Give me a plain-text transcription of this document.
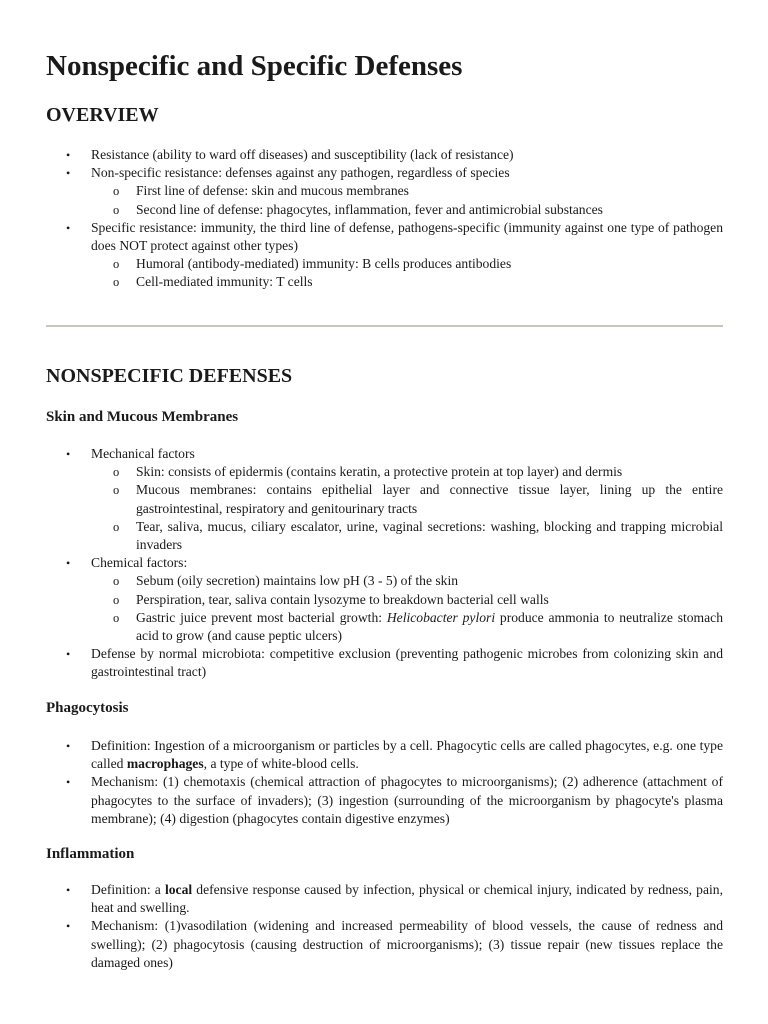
Nonspecific and Specific Defenses
OVERVIEW
• Resistance (ability to ward off diseases) and susceptibility (lack of resistance)
• Non-specific resistance: defenses against any pathogen, regardless of species
o First line of defense: skin and mucous membranes
o Second line of defense: phagocytes, inflammation, fever and antimicrobial substances
• Specific resistance: immunity, the third line of defense, pathogens-specific (immunity against one type of pathogen does NOT protect against other types)
o Humoral (antibody-mediated) immunity: B cells produces antibodies
o Cell-mediated immunity: T cells
NONSPECIFIC DEFENSES
Skin and Mucous Membranes
• Mechanical factors
o Skin: consists of epidermis (contains keratin, a protective protein at top layer) and dermis
o Mucous membranes: contains epithelial layer and connective tissue layer, lining up the entire gastrointestinal, respiratory and genitourinary tracts
o Tear, saliva, mucus, ciliary escalator, urine, vaginal secretions: washing, blocking and trapping microbial invaders
• Chemical factors:
o Sebum (oily secretion) maintains low pH (3 - 5) of the skin
o Perspiration, tear, saliva contain lysozyme to breakdown bacterial cell walls
o Gastric juice prevent most bacterial growth: Helicobacter pylori produce ammonia to neutralize stomach acid to grow (and cause peptic ulcers)
• Defense by normal microbiota: competitive exclusion (preventing pathogenic microbes from colonizing skin and gastrointestinal tract)
Phagocytosis
• Definition: Ingestion of a microorganism or particles by a cell. Phagocytic cells are called phagocytes, e.g. one type called macrophages, a type of white-blood cells.
• Mechanism: (1) chemotaxis (chemical attraction of phagocytes to microorganisms); (2) adherence (attachment of phagocytes to the surface of invaders); (3) ingestion (surrounding of the microorganism by phagocyte's plasma membrane); (4) digestion (phagocytes contain digestive enzymes)
Inflammation
• Definition: a local defensive response caused by infection, physical or chemical injury, indicated by redness, pain, heat and swelling.
• Mechanism: (1)vasodilation (widening and increased permeability of blood vessels, the cause of redness and swelling); (2) phagocytosis (causing destruction of microorganisms); (3) tissue repair (new tissues replace the damaged ones)
